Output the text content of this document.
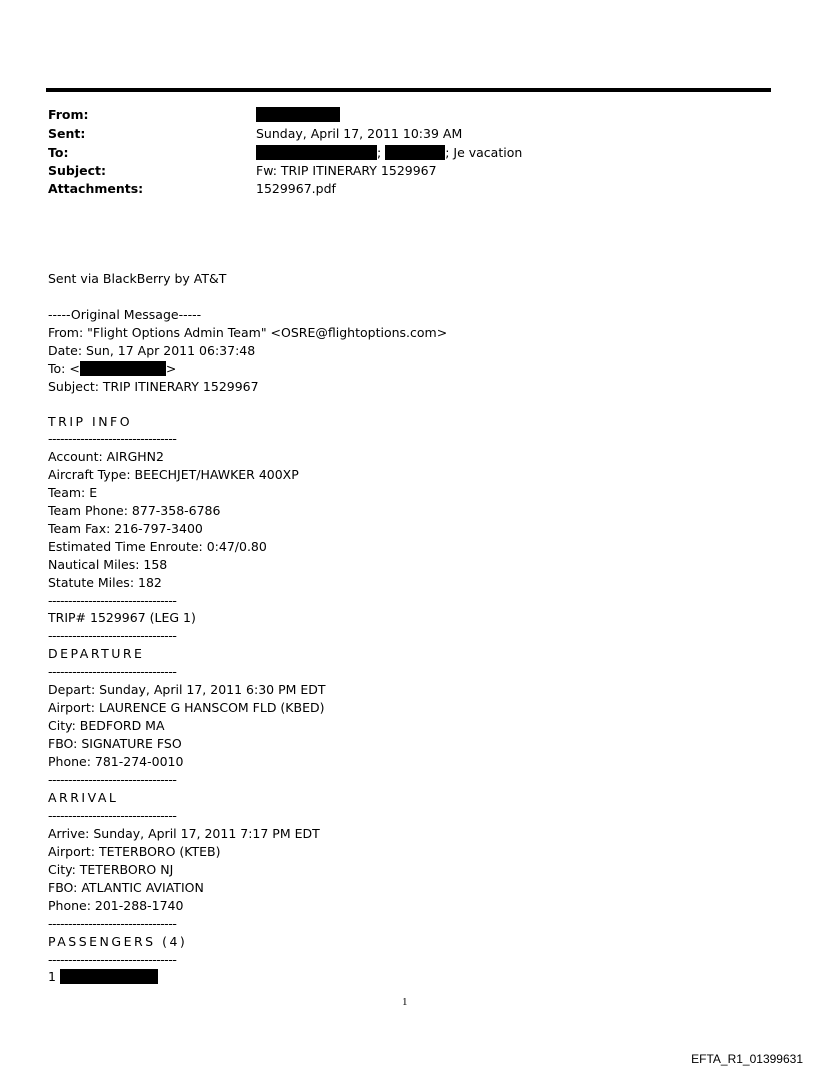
From:
Sent:	Sunday, April 17, 2011 10:39 AM
To:	;	; Je vacation
Subject:	Fw: TRIP ITINERARY 1529967
Attachments:	1529967.pdf
Sent via BlackBerry by AT&T
-----Original Message-----
From: "Flight Options Admin Team" <OSRE@flightoptions.com>
Date: Sun, 17 Apr 2011 06:37:48
To: <	>
Subject: TRIP ITINERARY 1529967
TRIP INFO
--------------------------------
Account: AIRGHN2
Aircraft Type: BEECHJET/HAWKER 400XP
Team: E
Team Phone: 877-358-6786
Team Fax: 216-797-3400
Estimated Time Enroute: 0:47/0.80
Nautical Miles: 158
Statute Miles: 182
--------------------------------
TRIP# 1529967 (LEG 1)
--------------------------------
DEPARTURE
--------------------------------
Depart: Sunday, April 17, 2011 6:30 PM EDT
Airport: LAURENCE G HANSCOM FLD (KBED)
City: BEDFORD MA
FBO: SIGNATURE FSO
Phone: 781-274-0010
--------------------------------
ARRIVAL
--------------------------------
Arrive: Sunday, April 17, 2011 7:17 PM EDT
Airport: TETERBORO (KTEB)
City: TETERBORO NJ
FBO: ATLANTIC AVIATION
Phone: 201-288-1740
--------------------------------
PASSENGERS (4)
--------------------------------
1
1
EFTA_R1_01399631
